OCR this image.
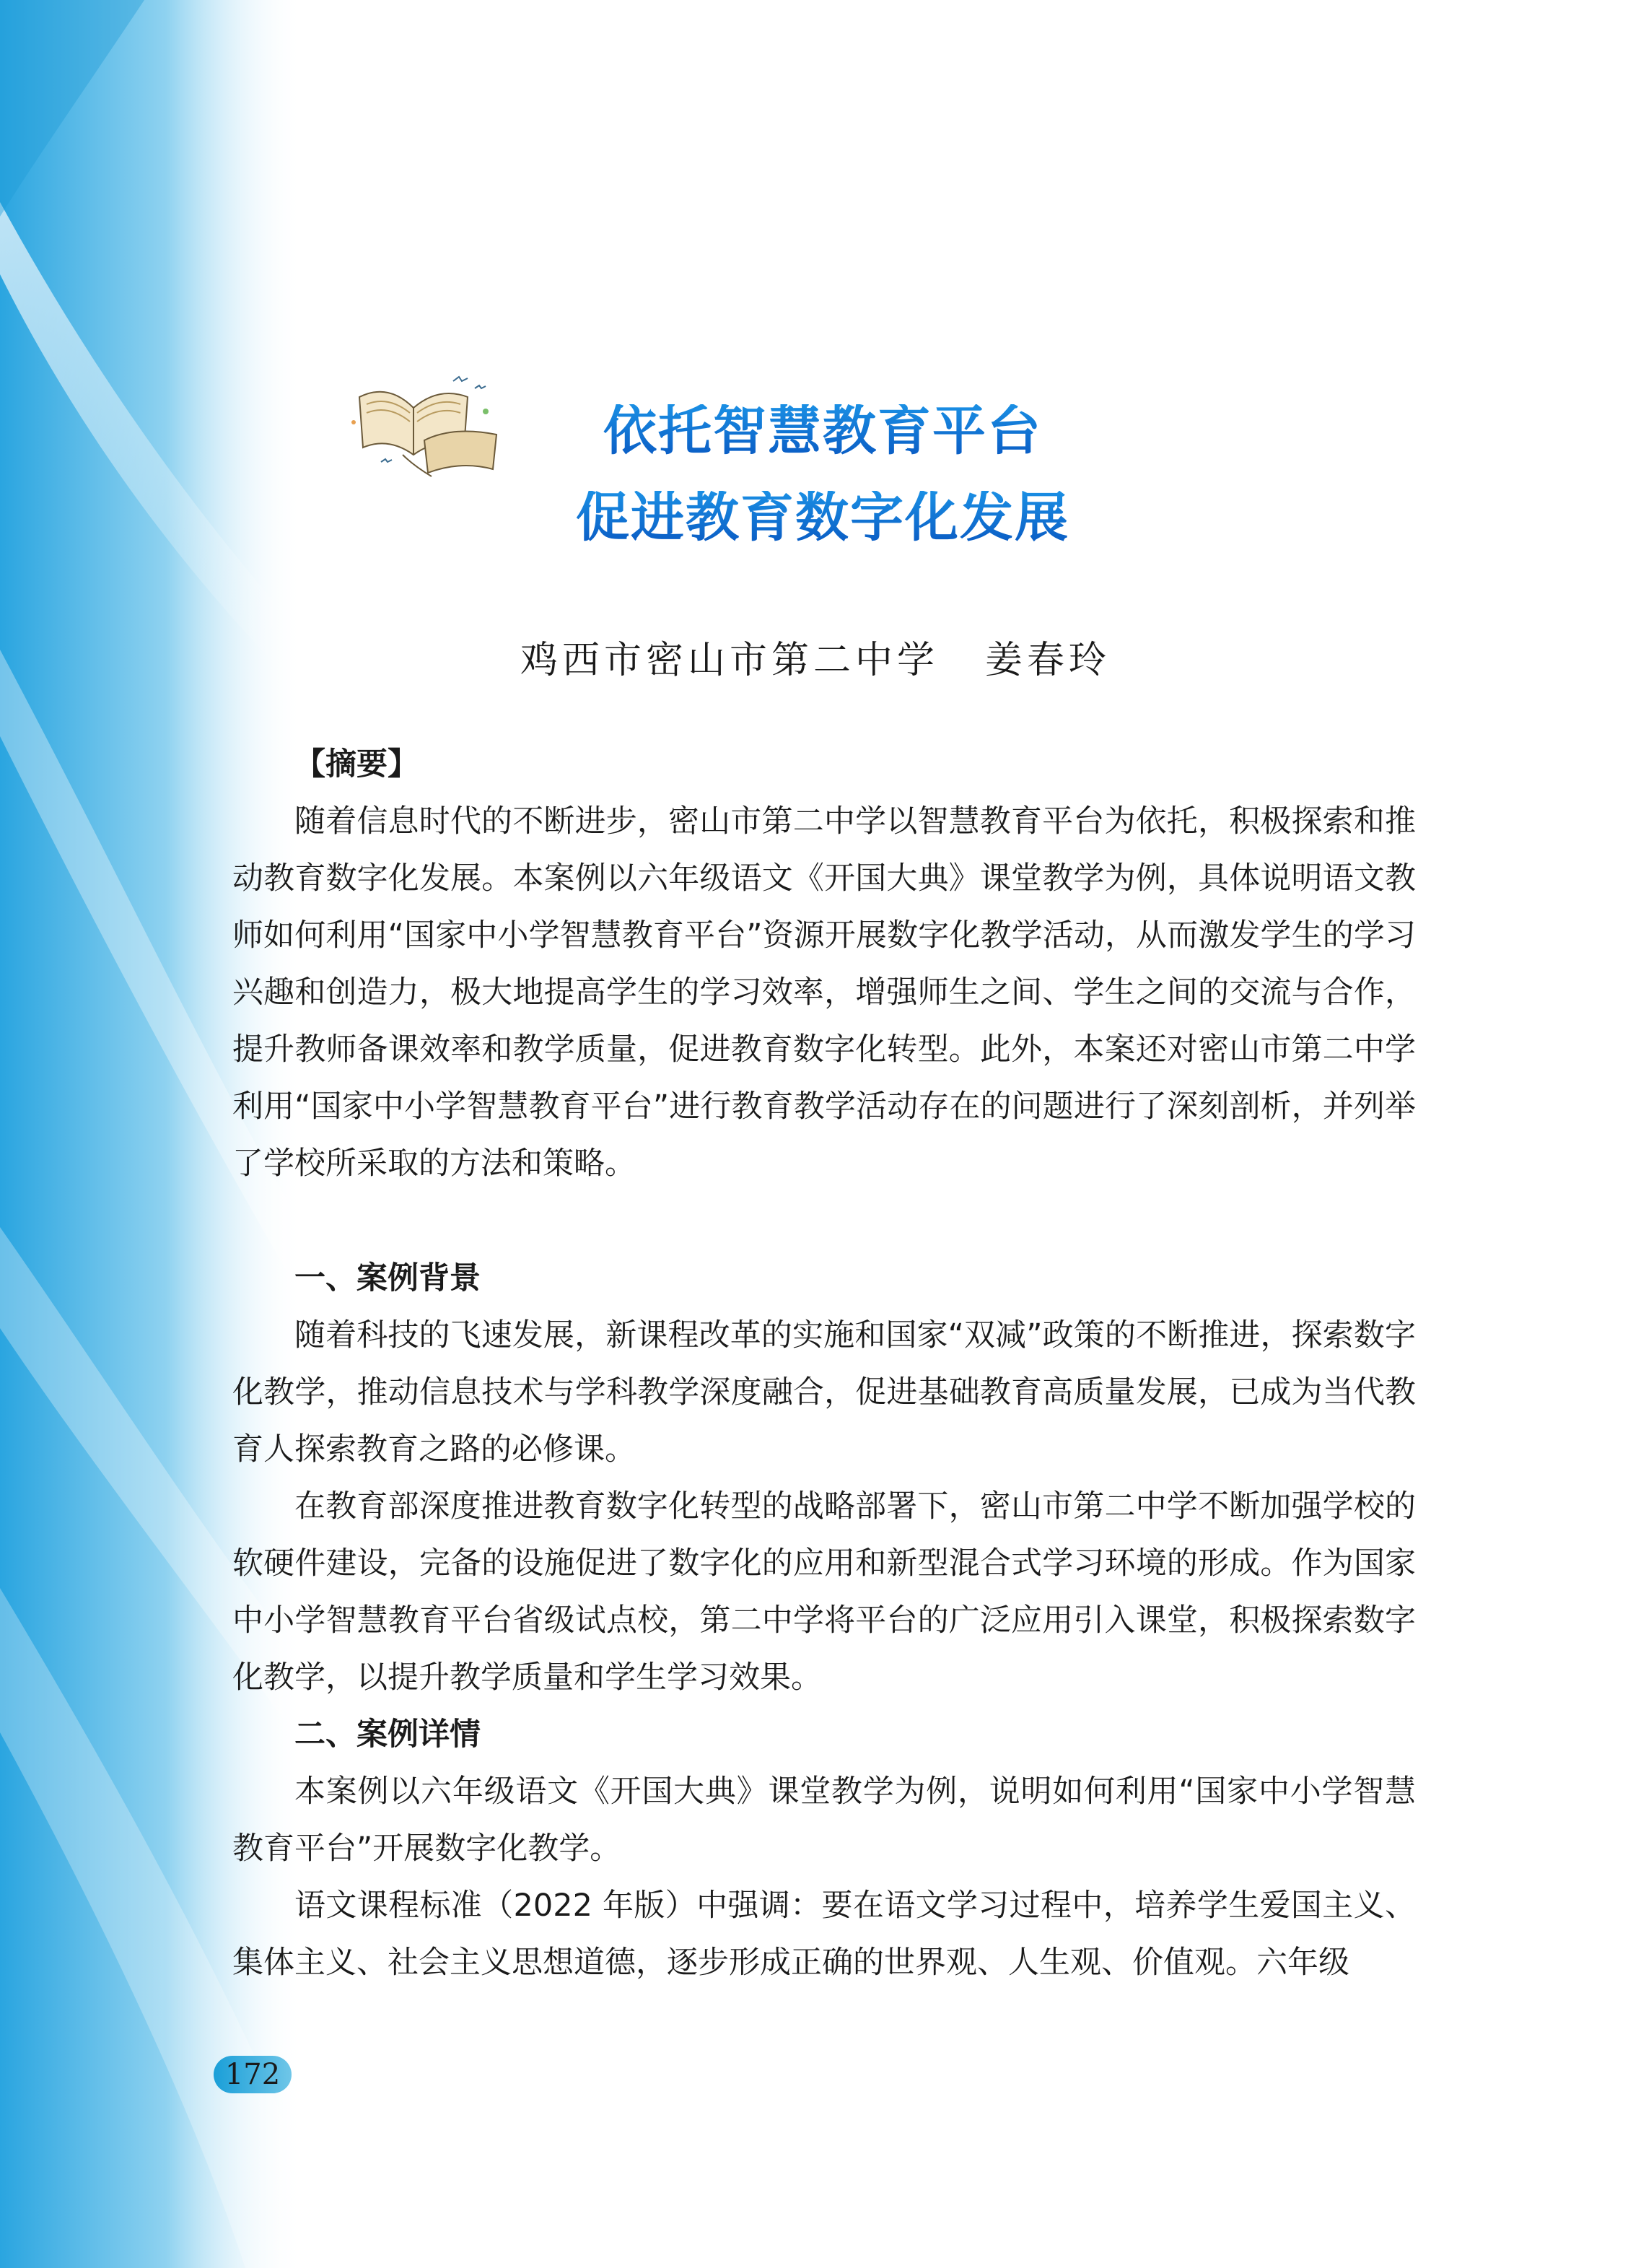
依托智慧教育平台
促进教育数字化发展
鸡西市密山市第二中学 姜春玲
【摘要】

随着信息时代的不断进步，密山市第二中学以智慧教育平台为依托，积极探索和推动教育数字化发展。本案例以六年级语文《开国大典》课堂教学为例，具体说明语文教师如何利用“国家中小学智慧教育平台”资源开展数字化教学活动，从而激发学生的学习兴趣和创造力，极大地提高学生的学习效率，增强师生之间、学生之间的交流与合作，提升教师备课效率和教学质量，促进教育数字化转型。此外，本案还对密山市第二中学利用“国家中小学智慧教育平台”进行教育教学活动存在的问题进行了深刻剖析，并列举了学校所采取的方法和策略。

一、案例背景

随着科技的飞速发展，新课程改革的实施和国家“双减”政策的不断推进，探索数字化教学，推动信息技术与学科教学深度融合，促进基础教育高质量发展，已成为当代教育人探索教育之路的必修课。

在教育部深度推进教育数字化转型的战略部署下，密山市第二中学不断加强学校的软硬件建设，完备的设施促进了数字化的应用和新型混合式学习环境的形成。作为国家中小学智慧教育平台省级试点校，第二中学将平台的广泛应用引入课堂，积极探索数字化教学，以提升教学质量和学生学习效果。

二、案例详情

本案例以六年级语文《开国大典》课堂教学为例，说明如何利用“国家中小学智慧教育平台”开展数字化教学。

语文课程标准（2022 年版）中强调：要在语文学习过程中，培养学生爱国主义、集体主义、社会主义思想道德，逐步形成正确的世界观、人生观、价值观。六年级

172
